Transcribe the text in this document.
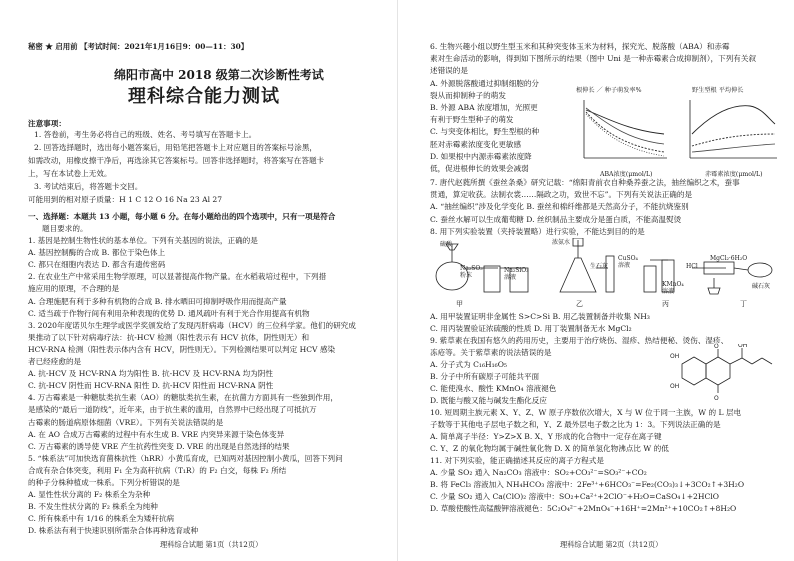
秘密 ★ 启用前 【考试时间：2021年1月16日9：00—11：30】
绵阳市高中 2018 级第二次诊断性考试
理科综合能力测试
注意事项：
1. 答卷前，考生务必将自己的班级、姓名、考号填写在答题卡上。
2. 回答选择题时，选出每小题答案后，用铅笔把答题卡上对应题目的答案标号涂黑，
如需改动，用橡皮擦干净后，再选涂其它答案标号。回答非选择题时，将答案写在答题卡
上，写在本试卷上无效。
3. 考试结束后，将答题卡交回。
可能用到的相对原子质量：H 1 C 12 O 16 Na 23 Al 27
一、选择题：本题共 13 小题，每小题 6 分。在每小题给出的四个选项中，只有一项是符合
题目要求的。
1. 基因是控制生物性状的基本单位。下列有关基因的说法，正确的是
A. 基因控制酶的合成 B. 都位于染色体上
C. 都只在细胞内表达 D. 都含有遗传密码
2. 在农业生产中常采用生物学原理，可以显著提高作物产量。在水稻栽培过程中，下列措
施应用的原理，不合理的是
A. 合理施肥有利于多种有机物的合成 B. 排水晒田可抑制呼吸作用而提高产量
C. 适当疏于作物行间有利用杂种表现的优势 D. 通风疏叶有利于光合作用提高有机物
3. 2020年度诺贝尔生理学或医学奖颁发给了发现丙肝病毒（HCV）的三位科学家。他们的研究成
果推动了以下针对病毒疗法：抗-HCV 检测（阳性表示有 HCV 抗体，阴性则无）和
HCV-RNA 检测（阳性表示体内含有 HCV，阴性则无）。下列检测结果可以判定 HCV 感染
者已经痊愈的是
A. 抗-HCV 及 HCV-RNA 均为阳性 B. 抗-HCV 及 HCV-RNA 均为阴性
C. 抗-HCV 阴性而 HCV-RNA 阳性 D. 抗-HCV 阳性而 HCV-RNA 阴性
4. 万古霉素是一种糖肽类抗生素（AO）的糖肽类抗生素，在抗菌力方面具有一些独到作用，
是感染的“最后一道防线”，近年来，由于抗生素的滥用，自然界中已经出现了可抵抗万
古霉素的肠道病原体细菌（VRE）。下列有关说法错误的是
A. 在 AO 合成万古霉素的过程中有水生成 B. VRE 内突异来源于染色体变异
C. 万古霉素的诱导使 VRE 产生抗药性突变 D. VRE 的出现是自然选择的结果
5. “株系法”可加快选育菌株抗性（hRR）小黄瓜育成，已知两对基因控制小黄瓜，回答下列问
合成有杂合体突变，利用 F₁ 全为高秆抗病（T₁R）的 F₂ 白交，每株 F₂ 所结
的种子分株种植成一株系。下列分析错误的是
A. 显性性状分离的 F₂ 株系全为杂种
B. 不发生性状分离的 F₂ 株系全为纯种
C. 所有株系中有 1/16 的株系全为矮秆抗病
D. 株系法有利于快速识别所需杂合体再种选育或种
理科综合试题 第1页（共12页）
6. 生物兴趣小组以野生型玉米和其种突变体玉米为材料，探究光、脱落酸（ABA）和赤霉
素对生命活动的影响，得到如下图所示的结果（图中 Uni 是一种赤霉素合成抑制剂），下列有关叙
述错误的是
A. 外源脱落酸通过抑制细胞的分
裂从而抑制种子的萌发
B. 外源 ABA 浓度增加，光照更
有利于野生型种子的萌发
C. 与突变体相比，野生型根的种
胚对赤霉素浓度变化更敏感
D. 如果根中内源赤霉素浓度降
低，促进根伸长的效果会减弱
根伸长 ／ 种子萌发率%	野生型根 平均伸长
ABA浓度(μmol/L)	赤霉素浓度(μmol/L)
7. 唐代赵蕤所撰《蚕丝条桑》研究记载：“绵阳青前衣自种桑养蚕之法，抽丝编织之术，蚕事
贯通，算定收获。法制衣裳……隔政之功，致世不忘”。下列有关说法正确的是
A. “抽丝编织”涉及化学变化 B. 蚕丝和棉纤维都是天然高分子，不能抗烧鉴别
C. 蚕丝水解可以生成葡萄糖 D. 丝织制品主要成分是蛋白质，不能高温熨烫
8. 用下列实验装置（夹持装置略）进行实验，不能达到目的的是
硫酸
Na₂SO₃
粉末
Na₂SiO₃
溶液
浓氨水
生石灰
CuSO₄
溶液
KMnO₄
溶液
HCl
MgCl₂·6H₂O
碱石灰
甲	乙	丙	丁
A. 用甲装置证明非金属性 S>C>Si B. 用乙装置制备并收集 NH₃
C. 用丙装置验证浓硫酸的性质 D. 用丁装置制备无水 MgCl₂
9. 紫草素在我国有悠久的药用历史，主要用于治疗烧伤、湿疹、热结便秘、烫伤、湿疹、
冻疮等。关于紫草素的说法错误的是
A. 分子式为 C₁₆H₁₆O₅
B. 分子中所有碳原子可能共平面
C. 能使溴水、酸性 KMnO₄ 溶液褪色
D. 既能与酸又能与碱发生酯化反应
10. 短周期主族元素 X、Y、Z、W 原子序数依次增大，X 与 W 位于同一主族，W 的 L 层电
子数等于其他电子层电子数之和，Y、Z 最外层电子数之比为 1：3。下列说法正确的是
A. 简单离子半径：Y>Z>X B. X、Y 形成的化合物中一定存在离子键
C. Y、Z 的氧化物均属于碱性氧化物 D. X 的简单氢化物沸点比 W 的低
11. 对下列实验，能正确描述其反应的离子方程式是
A. 少量 SO₂ 通入 Na₂CO₃ 溶液中：SO₂+CO₃²⁻=SO₃²⁻+CO₂
B. 将 FeCl₃ 溶液加入 NH₄HCO₃ 溶液中：2Fe³⁺+6HCO₃⁻=Fe₂(CO₃)₃↓+3CO₂↑+3H₂O
C. 少量 SO₂ 通入 Ca(ClO)₂ 溶液中：SO₂+Ca²⁺+2ClO⁻+H₂O=CaSO₄↓+2HClO
D. 草酸使酸性高锰酸钾溶液褪色：5C₂O₄²⁻+2MnO₄⁻+16H⁺=2Mn²⁺+10CO₂↑+8H₂O
O
O
OH
OH
OH
理科综合试题 第2页（共12页）
